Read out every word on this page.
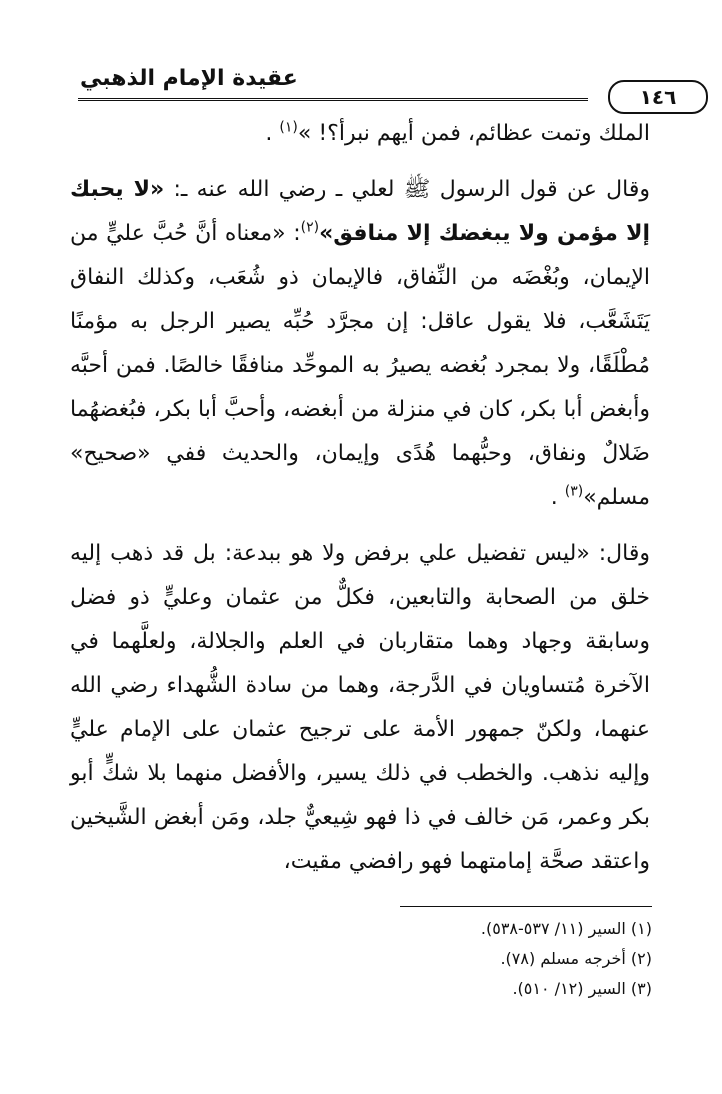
عقيدة الإمام الذهبي
١٤٦

الملك وتمت عظائم، فمن أيهم نبرأ؟! »$^{(١)}$ .

وقال عن قول الرسول ﷺ لعلي ـ رضي الله عنه ـ: «لا يحبك إلا مؤمن ولا يبغضك إلا منافق»$^{(٢)}$: «معناه أنَّ حُبَّ عليٍّ من الإيمان، وبُغْضَه من النِّفاق، فالإيمان ذو شُعَب، وكذلك النفاق يَتَشَعَّب، فلا يقول عاقل: إن مجرَّد حُبِّه يصير الرجل به مؤمنًا مُطْلَقًا، ولا بمجرد بُغضه يصيرُ به الموحِّد منافقًا خالصًا. فمن أحبَّه وأبغض أبا بكر، كان في منزلة من أبغضه، وأحبَّ أبا بكر، فبُغضهُما ضَلالٌ ونفاق، وحبُّهما هُدًى وإيمان، والحديث ففي «صحيح» مسلم»$^{(٣)}$ .

وقال: «ليس تفضيل علي برفض ولا هو ببدعة: بل قد ذهب إليه خلق من الصحابة والتابعين، فكلٌّ من عثمان وعليٍّ ذو فضل وسابقة وجهاد وهما متقاربان في العلم والجلالة، ولعلَّهما في الآخرة مُتساويان في الدَّرجة، وهما من سادة الشُّهداء رضي الله عنهما، ولكنّ جمهور الأمة على ترجيح عثمان على الإمام عليٍّ وإليه نذهب. والخطب في ذلك يسير، والأفضل منهما بلا شكٍّ أبو بكر وعمر، مَن خالف في ذا فهو شِيعيٌّ جلد، ومَن أبغض الشَّيخين واعتقد صحَّة إمامتهما فهو رافضي مقيت،

(١) السير (١١/ ٥٣٧-٥٣٨).
(٢) أخرجه مسلم (٧٨).
(٣) السير (١٢/ ٥١٠).
